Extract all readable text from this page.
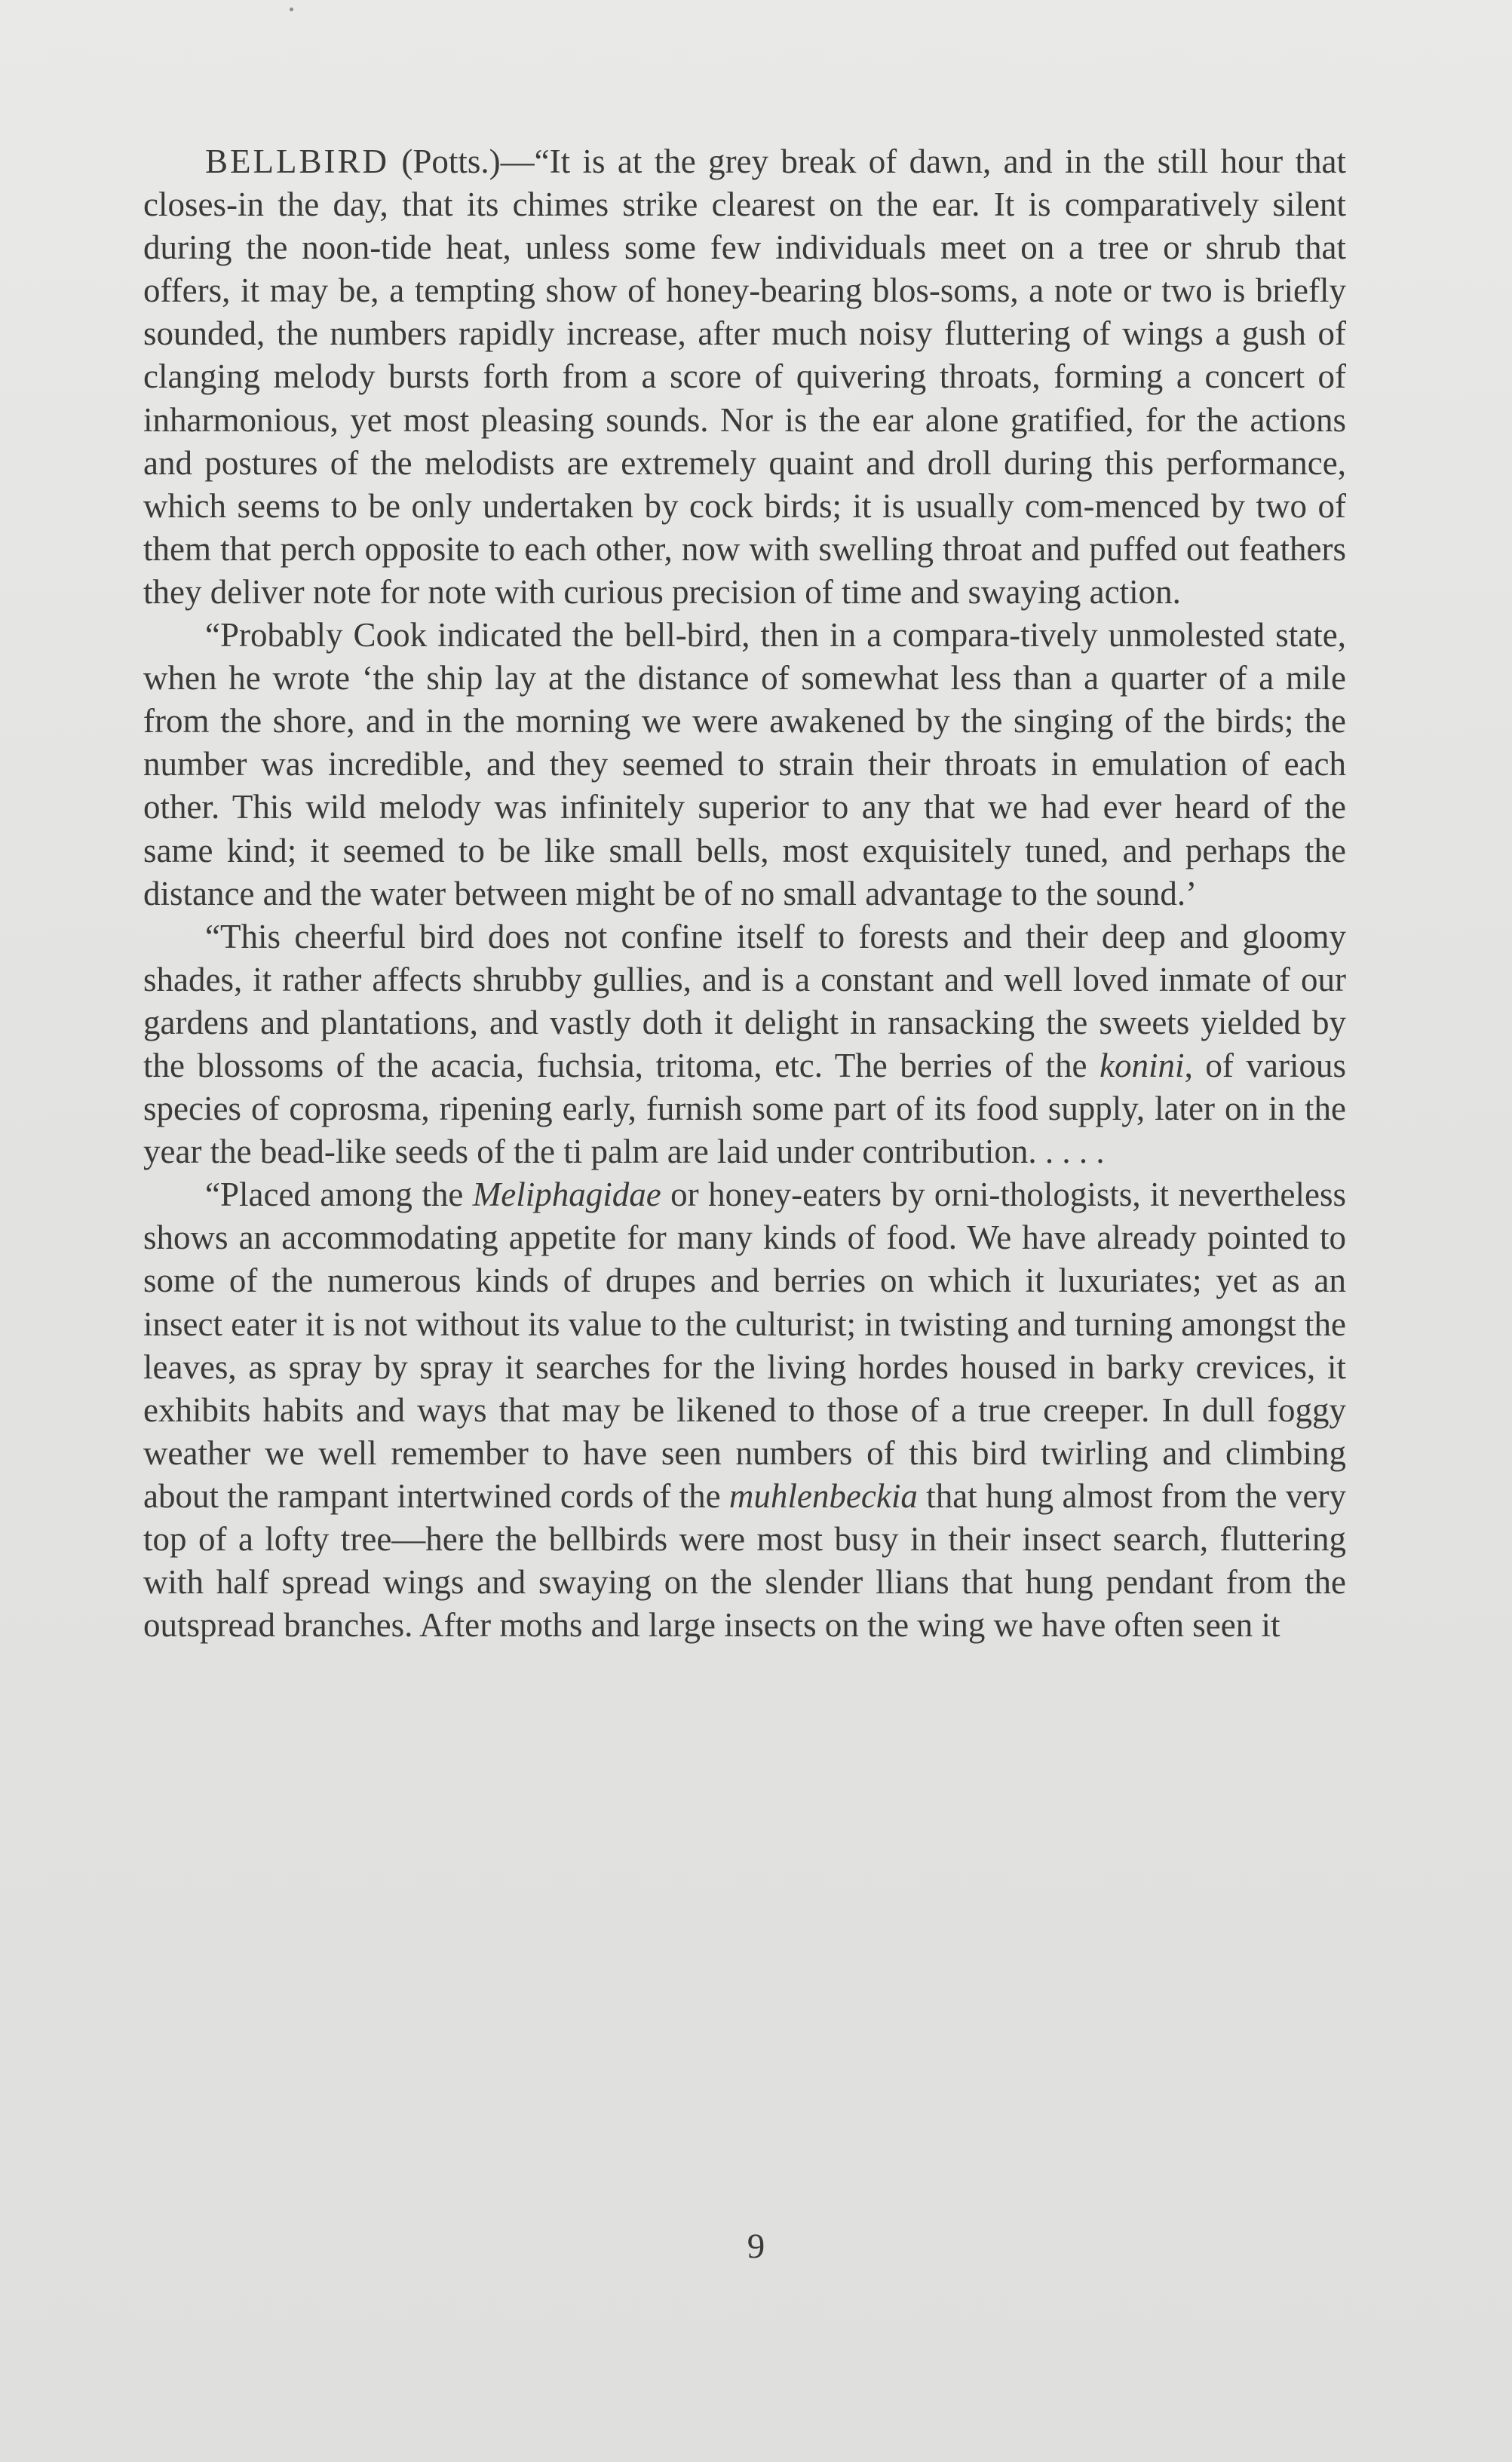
BELLBIRD (Potts.)—“It is at the grey break of dawn, and in the still hour that closes-in the day, that its chimes strike clearest on the ear. It is comparatively silent during the noon-tide heat, unless some few individuals meet on a tree or shrub that offers, it may be, a tempting show of honey-bearing blos-soms, a note or two is briefly sounded, the numbers rapidly increase, after much noisy fluttering of wings a gush of clanging melody bursts forth from a score of quivering throats, forming a concert of inharmonious, yet most pleasing sounds. Nor is the ear alone gratified, for the actions and postures of the melodists are extremely quaint and droll during this performance, which seems to be only undertaken by cock birds; it is usually com-menced by two of them that perch opposite to each other, now with swelling throat and puffed out feathers they deliver note for note with curious precision of time and swaying action.

“Probably Cook indicated the bell-bird, then in a compara-tively unmolested state, when he wrote ‘the ship lay at the distance of somewhat less than a quarter of a mile from the shore, and in the morning we were awakened by the singing of the birds; the number was incredible, and they seemed to strain their throats in emulation of each other. This wild melody was infinitely superior to any that we had ever heard of the same kind; it seemed to be like small bells, most exquisitely tuned, and perhaps the distance and the water between might be of no small advantage to the sound.’

“This cheerful bird does not confine itself to forests and their deep and gloomy shades, it rather affects shrubby gullies, and is a constant and well loved inmate of our gardens and plantations, and vastly doth it delight in ransacking the sweets yielded by the blossoms of the acacia, fuchsia, tritoma, etc. The berries of the konini, of various species of coprosma, ripening early, furnish some part of its food supply, later on in the year the bead-like seeds of the ti palm are laid under contribution. . . . .

“Placed among the Meliphagidae or honey-eaters by orni-thologists, it nevertheless shows an accommodating appetite for many kinds of food. We have already pointed to some of the numerous kinds of drupes and berries on which it luxuriates; yet as an insect eater it is not without its value to the culturist; in twisting and turning amongst the leaves, as spray by spray it searches for the living hordes housed in barky crevices, it exhibits habits and ways that may be likened to those of a true creeper. In dull foggy weather we well remember to have seen numbers of this bird twirling and climbing about the rampant intertwined cords of the muhlenbeckia that hung almost from the very top of a lofty tree—here the bellbirds were most busy in their insect search, fluttering with half spread wings and swaying on the slender llians that hung pendant from the outspread branches. After moths and large insects on the wing we have often seen it

9
